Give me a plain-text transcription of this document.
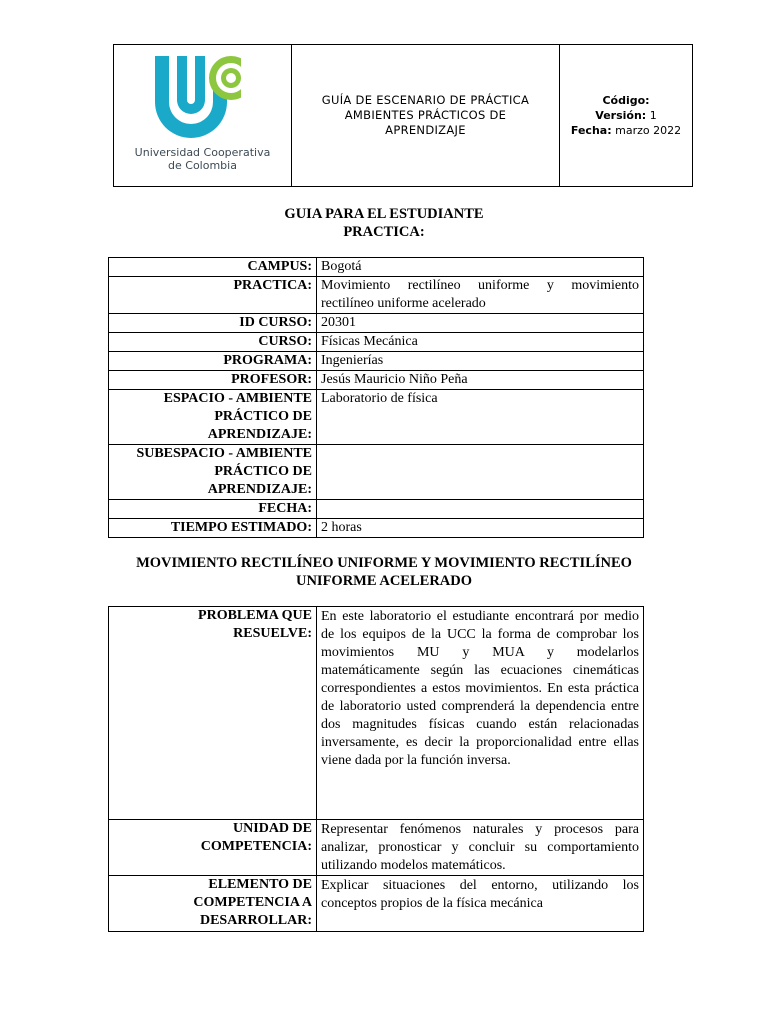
Universidad Cooperativa
de Colombia
GUÍA DE ESCENARIO DE PRÁCTICA
AMBIENTES PRÁCTICOS DE
APRENDIZAJE
Código:
Versión: 1
Fecha: marzo 2022
GUIA PARA EL ESTUDIANTE
PRACTICA:
CAMPUS:	Bogotá
PRACTICA:	Movimiento rectilíneo uniforme y movimiento rectilíneo uniforme acelerado
ID CURSO:	20301
CURSO:	Físicas Mecánica
PROGRAMA:	Ingenierías
PROFESOR:	Jesús Mauricio Niño Peña

ESPACIO - AMBIENTE
PRÁCTICO DE
APRENDIZAJE:	Laboratorio de física

SUBESPACIO - AMBIENTE
PRÁCTICO DE
APRENDIZAJE:	

FECHA:	
TIEMPO ESTIMADO:	2 horas
MOVIMIENTO RECTILÍNEO UNIFORME Y MOVIMIENTO RECTILÍNEO
UNIFORME ACELERADO
PROBLEMA QUE
RESUELVE:	En este laboratorio el estudiante encontrará por medio de los equipos de la UCC la forma de comprobar los movimientos MU y MUA y modelarlos matemáticamente según las ecuaciones cinemáticas correspondientes a estos movimientos. En esta práctica de laboratorio usted comprenderá la dependencia entre dos magnitudes físicas cuando están relacionadas inversamente, es decir la proporcionalidad entre ellas viene dada por la función inversa.

UNIDAD DE
COMPETENCIA:	Representar fenómenos naturales y procesos para analizar, pronosticar y concluir su comportamiento utilizando modelos matemáticos.

ELEMENTO DE
COMPETENCIA A
DESARROLLAR:	Explicar situaciones del entorno, utilizando los conceptos propios de la física mecánica
